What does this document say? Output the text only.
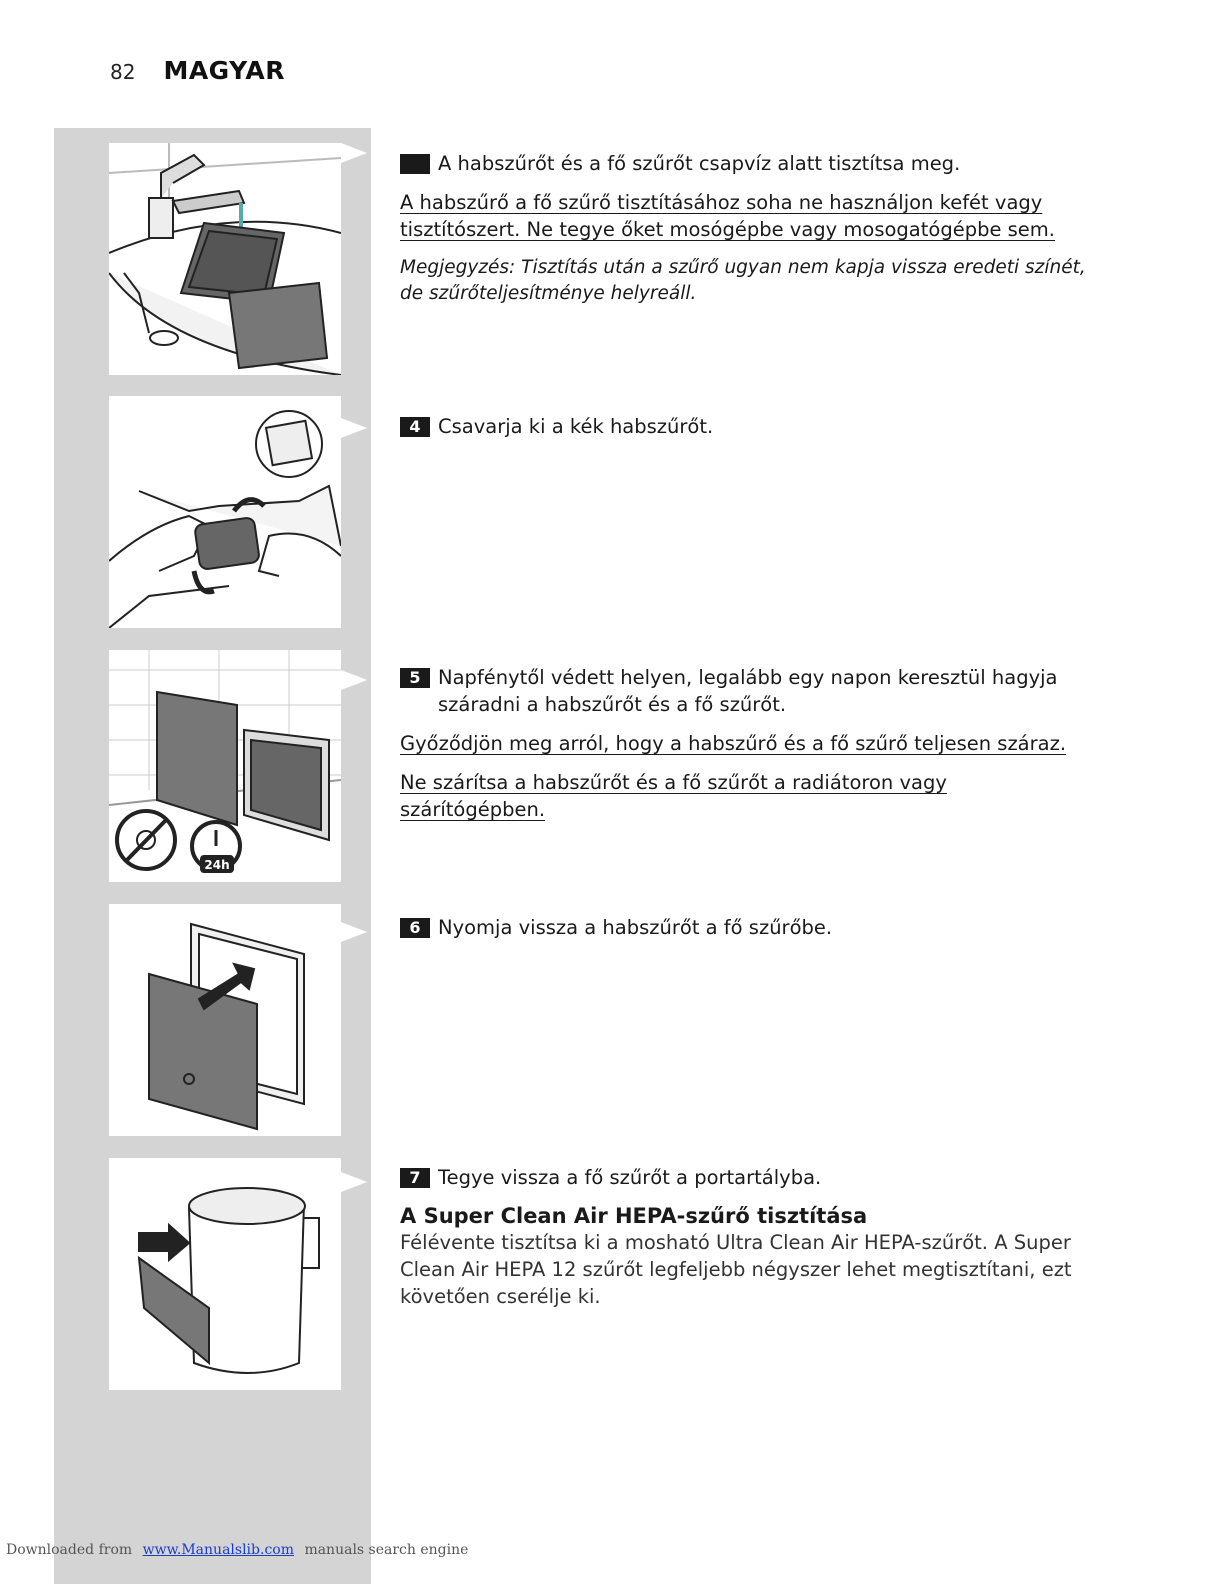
82 MAGYAR
24h
A habszűrőt és a fő szűrőt csapvíz alatt tisztítsa meg.
A habszűrő a fő szűrő tisztításához soha ne használjon kefét vagy tisztítószert. Ne tegye őket mosógépbe vagy mosogatógépbe sem.
Megjegyzés: Tisztítás után a szűrő ugyan nem kapja vissza eredeti színét, de szűrőteljesítménye helyreáll.
4 Csavarja ki a kék habszűrőt.
5 Napfénytől védett helyen, legalább egy napon keresztül hagyja száradni a habszűrőt és a fő szűrőt.
Győződjön meg arról, hogy a habszűrő és a fő szűrő teljesen száraz.
Ne szárítsa a habszűrőt és a fő szűrőt a radiátoron vagy szárítógépben.
6 Nyomja vissza a habszűrőt a fő szűrőbe.
7 Tegye vissza a fő szűrőt a portartályba.
A Super Clean Air HEPA-szűrő tisztítása
Félévente tisztítsa ki a mosható Ultra Clean Air HEPA-szűrőt. A Super Clean Air HEPA 12 szűrőt legfeljebb négyszer lehet megtisztítani, ezt követően cserélje ki.
Downloaded from www.Manualslib.com manuals search engine
